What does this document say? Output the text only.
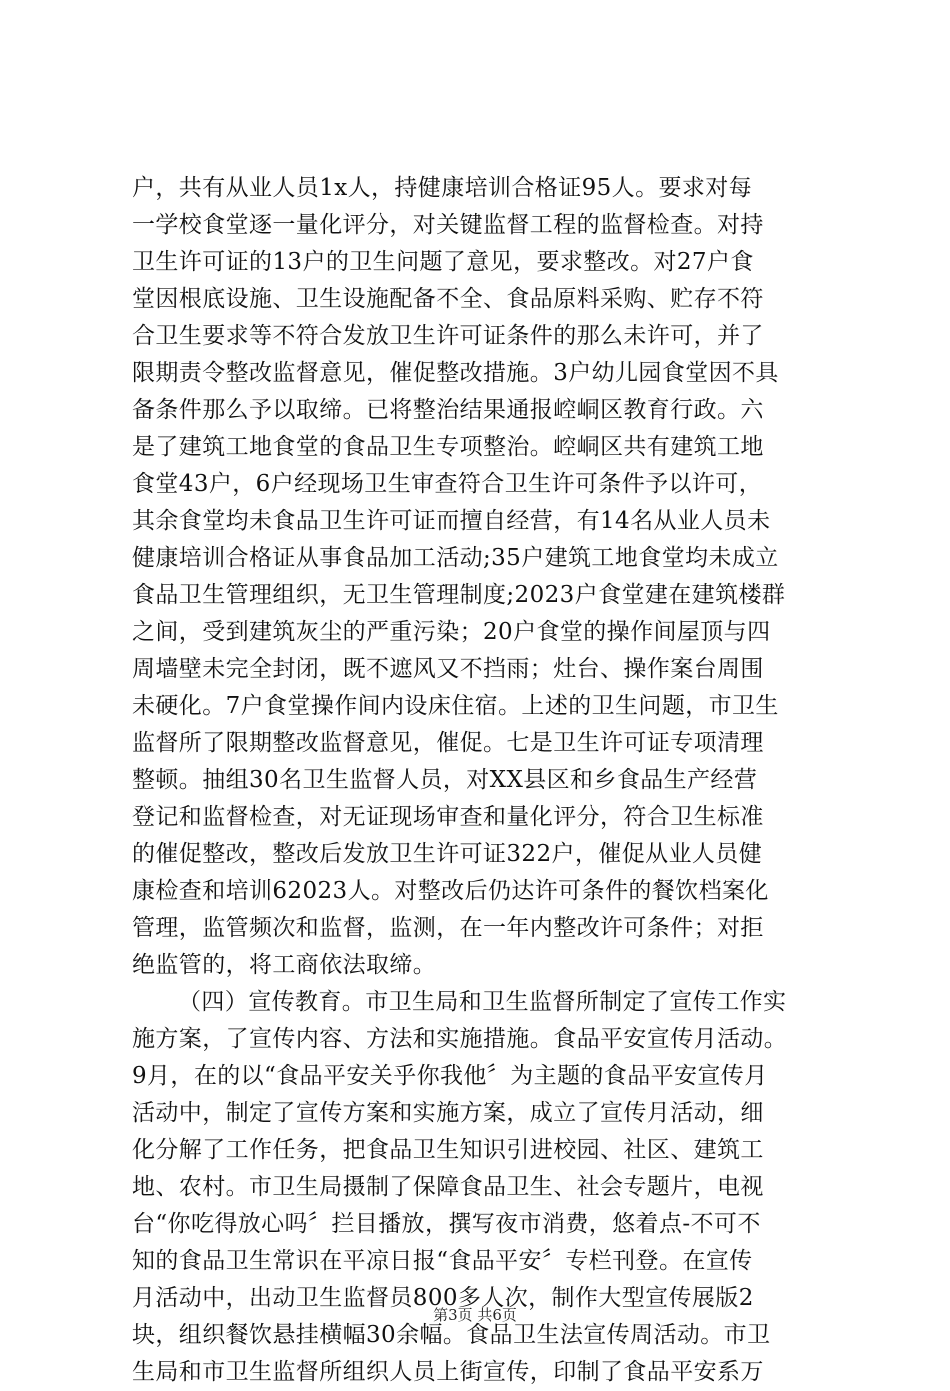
户，共有从业人员1x人，持健康培训合格证95人。要求对每
一学校食堂逐一量化评分，对关键监督工程的监督检查。对持
卫生许可证的13户的卫生问题了意见，要求整改。对27户食
堂因根底设施、卫生设施配备不全、食品原料采购、贮存不符
合卫生要求等不符合发放卫生许可证条件的那么未许可，并了
限期责令整改监督意见，催促整改措施。3户幼儿园食堂因不具
备条件那么予以取缔。已将整治结果通报崆峒区教育行政。六
是了建筑工地食堂的食品卫生专项整治。崆峒区共有建筑工地
食堂43户，6户经现场卫生审查符合卫生许可条件予以许可，
其余食堂均未食品卫生许可证而擅自经营，有14名从业人员未
健康培训合格证从事食品加工活动;35户建筑工地食堂均未成立
食品卫生管理组织，无卫生管理制度;2023户食堂建在建筑楼群
之间，受到建筑灰尘的严重污染；20户食堂的操作间屋顶与四
周墙壁未完全封闭，既不遮风又不挡雨；灶台、操作案台周围
未硬化。7户食堂操作间内设床住宿。上述的卫生问题，市卫生
监督所了限期整改监督意见，催促。七是卫生许可证专项清理
整顿。抽组30名卫生监督人员，对XX县区和乡食品生产经营
登记和监督检查，对无证现场审查和量化评分，符合卫生标准
的催促整改，整改后发放卫生许可证322户，催促从业人员健
康检查和培训62023人。对整改后仍达许可条件的餐饮档案化
管理，监管频次和监督，监测，在一年内整改许可条件；对拒
绝监管的，将工商依法取缔。
（四）宣传教育。市卫生局和卫生监督所制定了宣传工作实
施方案，了宣传内容、方法和实施措施。食品平安宣传月活动。
9月，在的以“食品平安关乎你我他〞为主题的食品平安宣传月
活动中，制定了宣传方案和实施方案，成立了宣传月活动，细
化分解了工作任务，把食品卫生知识引进校园、社区、建筑工
地、农村。市卫生局摄制了保障食品卫生、社会专题片，电视
台“你吃得放心吗〞拦目播放，撰写夜市消费，悠着点-不可不
知的食品卫生常识在平凉日报“食品平安〞专栏刊登。在宣传
月活动中，出动卫生监督员800多人次，制作大型宣传展版2
块，组织餐饮悬挂横幅30余幅。食品卫生法宣传周活动。市卫
生局和市卫生监督所组织人员上街宣传，印制了食品平安系万
第3页 共6页
